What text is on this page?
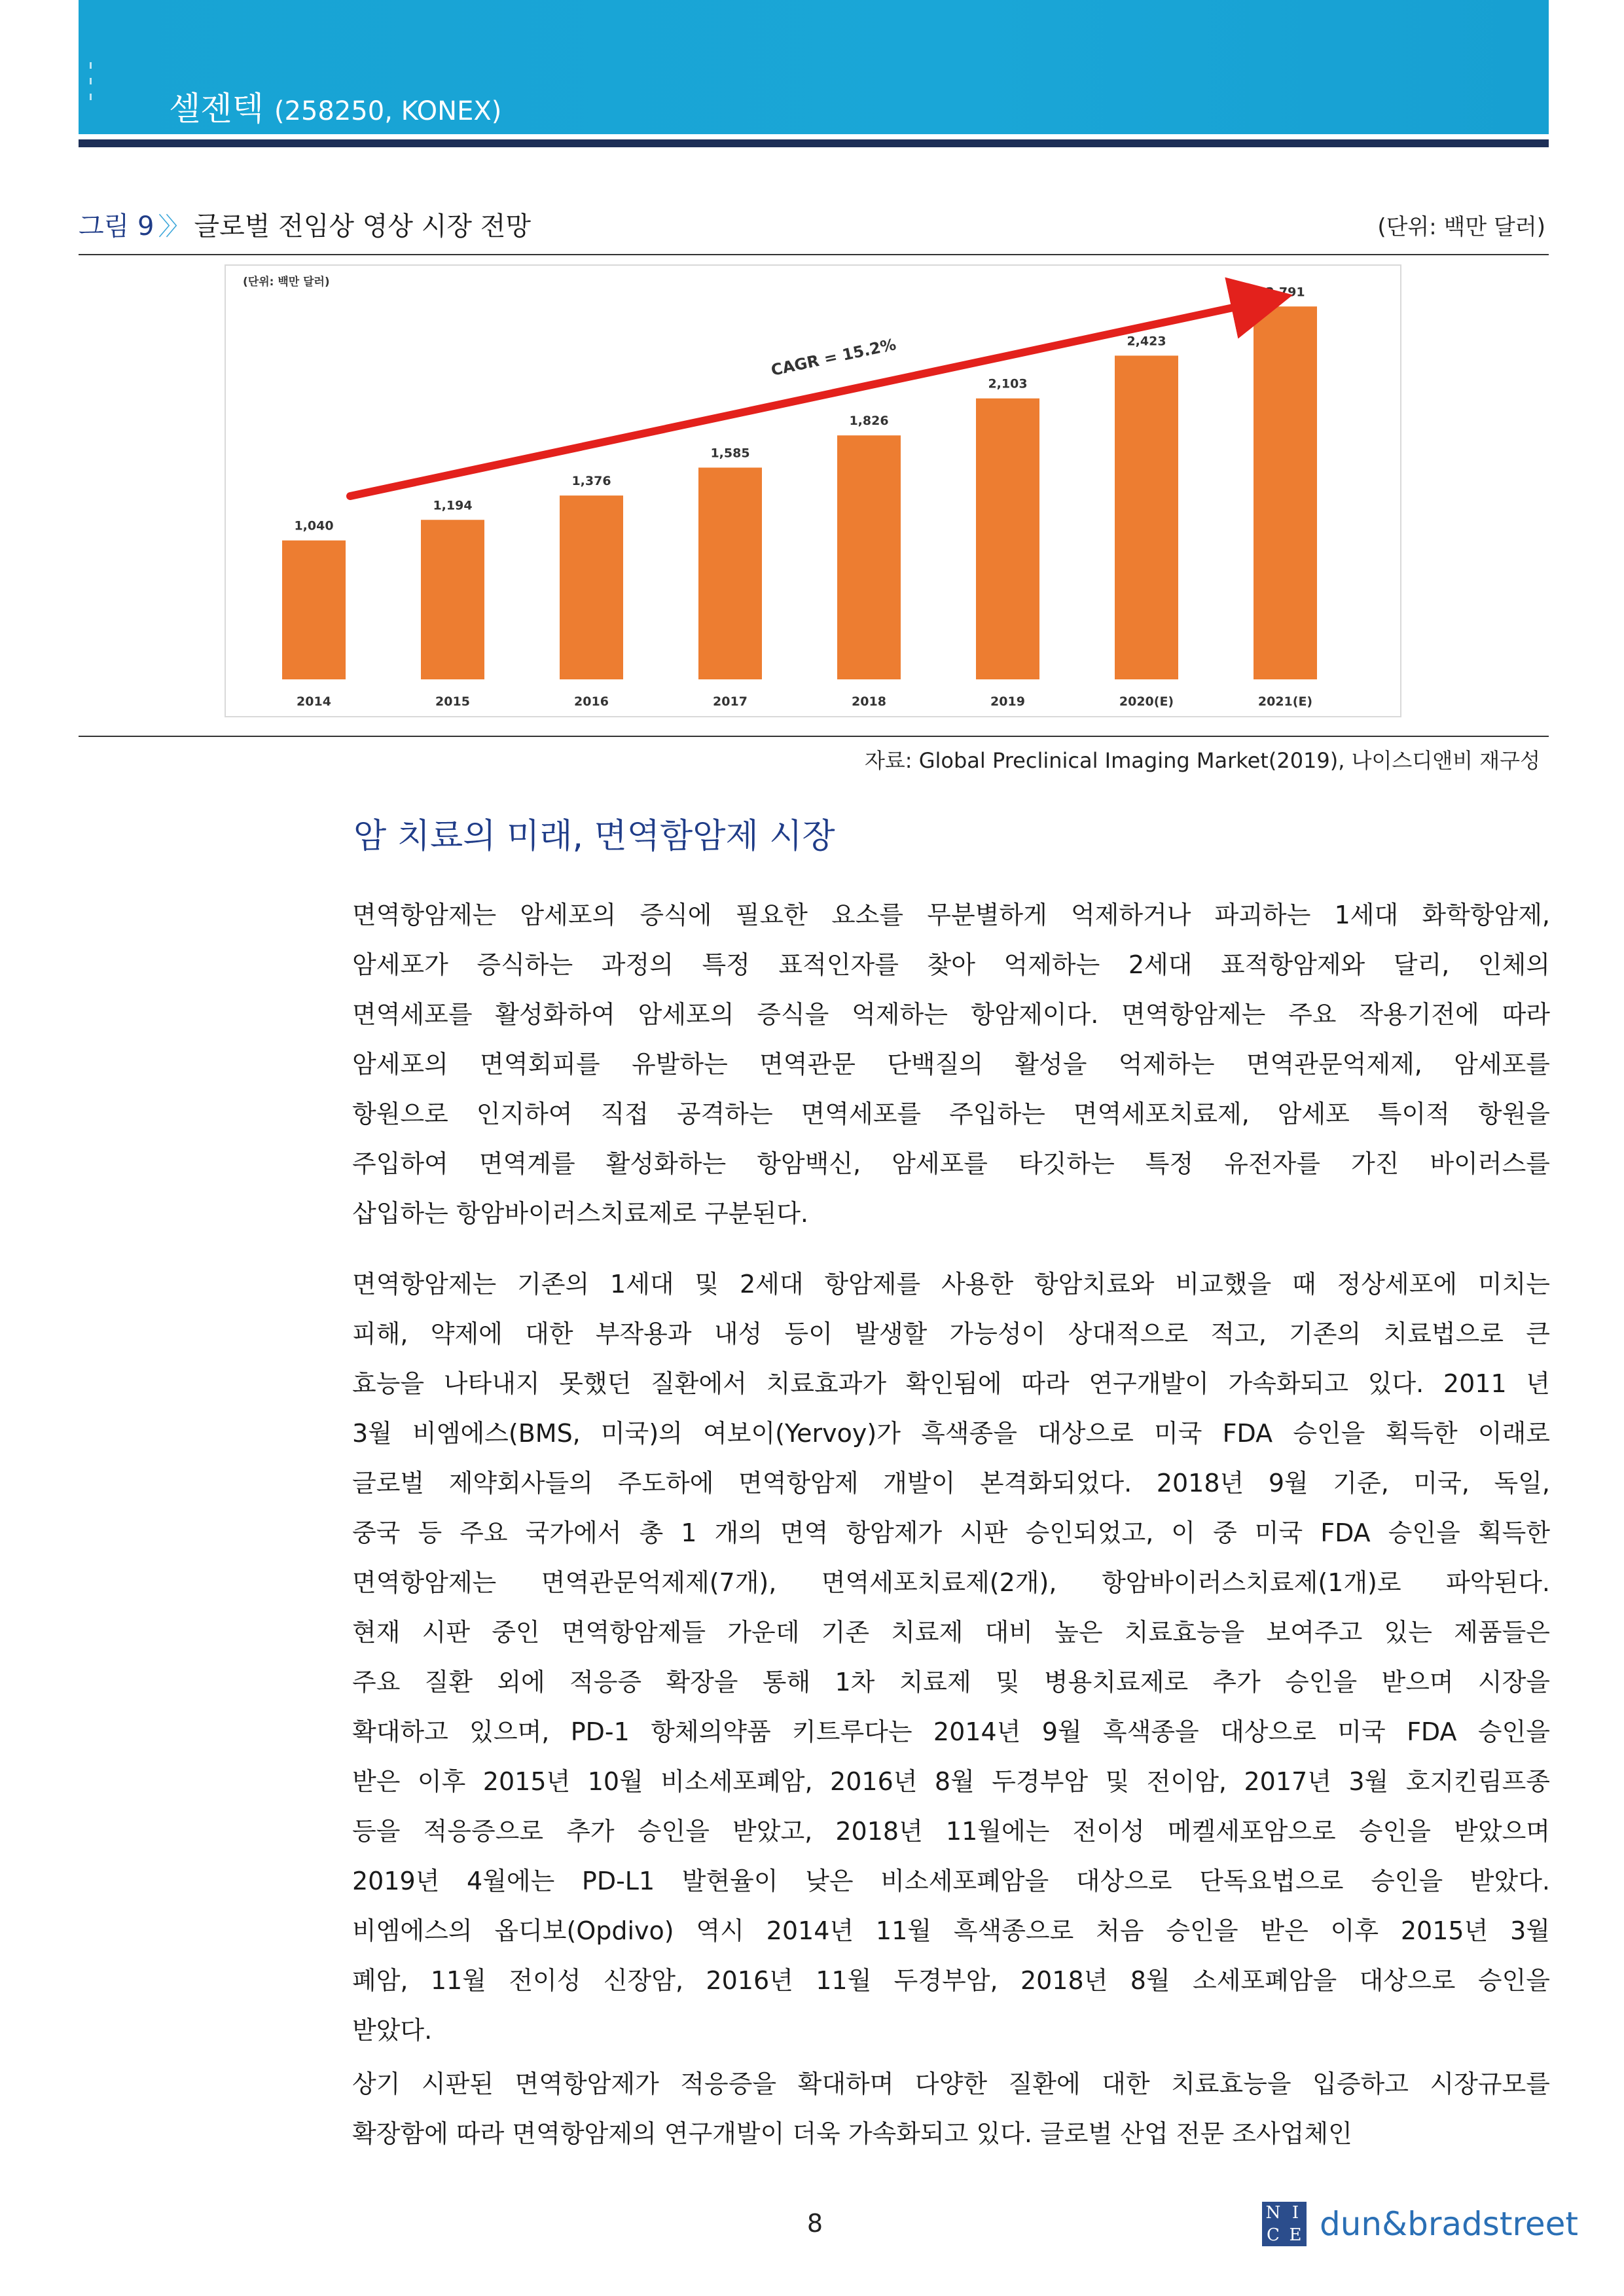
셀젠텍 (258250, KONEX)
그림 9 〉〉 글로벌 전임상 영상 시장 전망	(단위: 백만 달러)
(단위: 백만 달러)
1,040
2014
1,194
2015
1,376
2016
1,585
2017
1,826
2018
2,103
2019
2,423
2020(E)
2,791
2021(E)
CAGR = 15.2%
자료: Global Preclinical Imaging Market(2019), 나이스디앤비 재구성
암 치료의 미래, 면역함암제 시장
면역항암제는 암세포의 증식에 필요한 요소를 무분별하게 억제하거나 파괴하는 1세대 화학항암제,
암세포가 증식하는 과정의 특정 표적인자를 찾아 억제하는 2세대 표적항암제와 달리, 인체의
면역세포를 활성화하여 암세포의 증식을 억제하는 항암제이다. 면역항암제는 주요 작용기전에 따라
암세포의 면역회피를 유발하는 면역관문 단백질의 활성을 억제하는 면역관문억제제, 암세포를
항원으로 인지하여 직접 공격하는 면역세포를 주입하는 면역세포치료제, 암세포 특이적 항원을
주입하여 면역계를 활성화하는 항암백신, 암세포를 타깃하는 특정 유전자를 가진 바이러스를
삽입하는 항암바이러스치료제로 구분된다.
면역항암제는 기존의 1세대 및 2세대 항암제를 사용한 항암치료와 비교했을 때 정상세포에 미치는
피해, 약제에 대한 부작용과 내성 등이 발생할 가능성이 상대적으로 적고, 기존의 치료법으로 큰
효능을 나타내지 못했던 질환에서 치료효과가 확인됨에 따라 연구개발이 가속화되고 있다. 2011 년
3월 비엠에스(BMS, 미국)의 여보이(Yervoy)가 흑색종을 대상으로 미국 FDA 승인을 획득한 이래로
글로벌 제약회사들의 주도하에 면역항암제 개발이 본격화되었다. 2018년 9월 기준, 미국, 독일,
중국 등 주요 국가에서 총 1 개의 면역 항암제가 시판 승인되었고, 이 중 미국 FDA 승인을 획득한
면역항암제는 면역관문억제제(7개), 면역세포치료제(2개), 항암바이러스치료제(1개)로 파악된다.
현재 시판 중인 면역항암제들 가운데 기존 치료제 대비 높은 치료효능을 보여주고 있는 제품들은
주요 질환 외에 적응증 확장을 통해 1차 치료제 및 병용치료제로 추가 승인을 받으며 시장을
확대하고 있으며, PD-1 항체의약품 키트루다는 2014년 9월 흑색종을 대상으로 미국 FDA 승인을
받은 이후 2015년 10월 비소세포폐암, 2016년 8월 두경부암 및 전이암, 2017년 3월 호지킨림프종
등을 적응증으로 추가 승인을 받았고, 2018년 11월에는 전이성 메켈세포암으로 승인을 받았으며
2019년 4월에는 PD-L1 발현율이 낮은 비소세포폐암을 대상으로 단독요법으로 승인을 받았다.
비엠에스의 옵디보(Opdivo) 역시 2014년 11월 흑색종으로 처음 승인을 받은 이후 2015년 3월
폐암, 11월 전이성 신장암, 2016년 11월 두경부암, 2018년 8월 소세포폐암을 대상으로 승인을
받았다.
상기 시판된 면역항암제가 적응증을 확대하며 다양한 질환에 대한 치료효능을 입증하고 시장규모를
확장함에 따라 면역항암제의 연구개발이 더욱 가속화되고 있다. 글로벌 산업 전문 조사업체인
8	N I
C E dun&bradstreet
